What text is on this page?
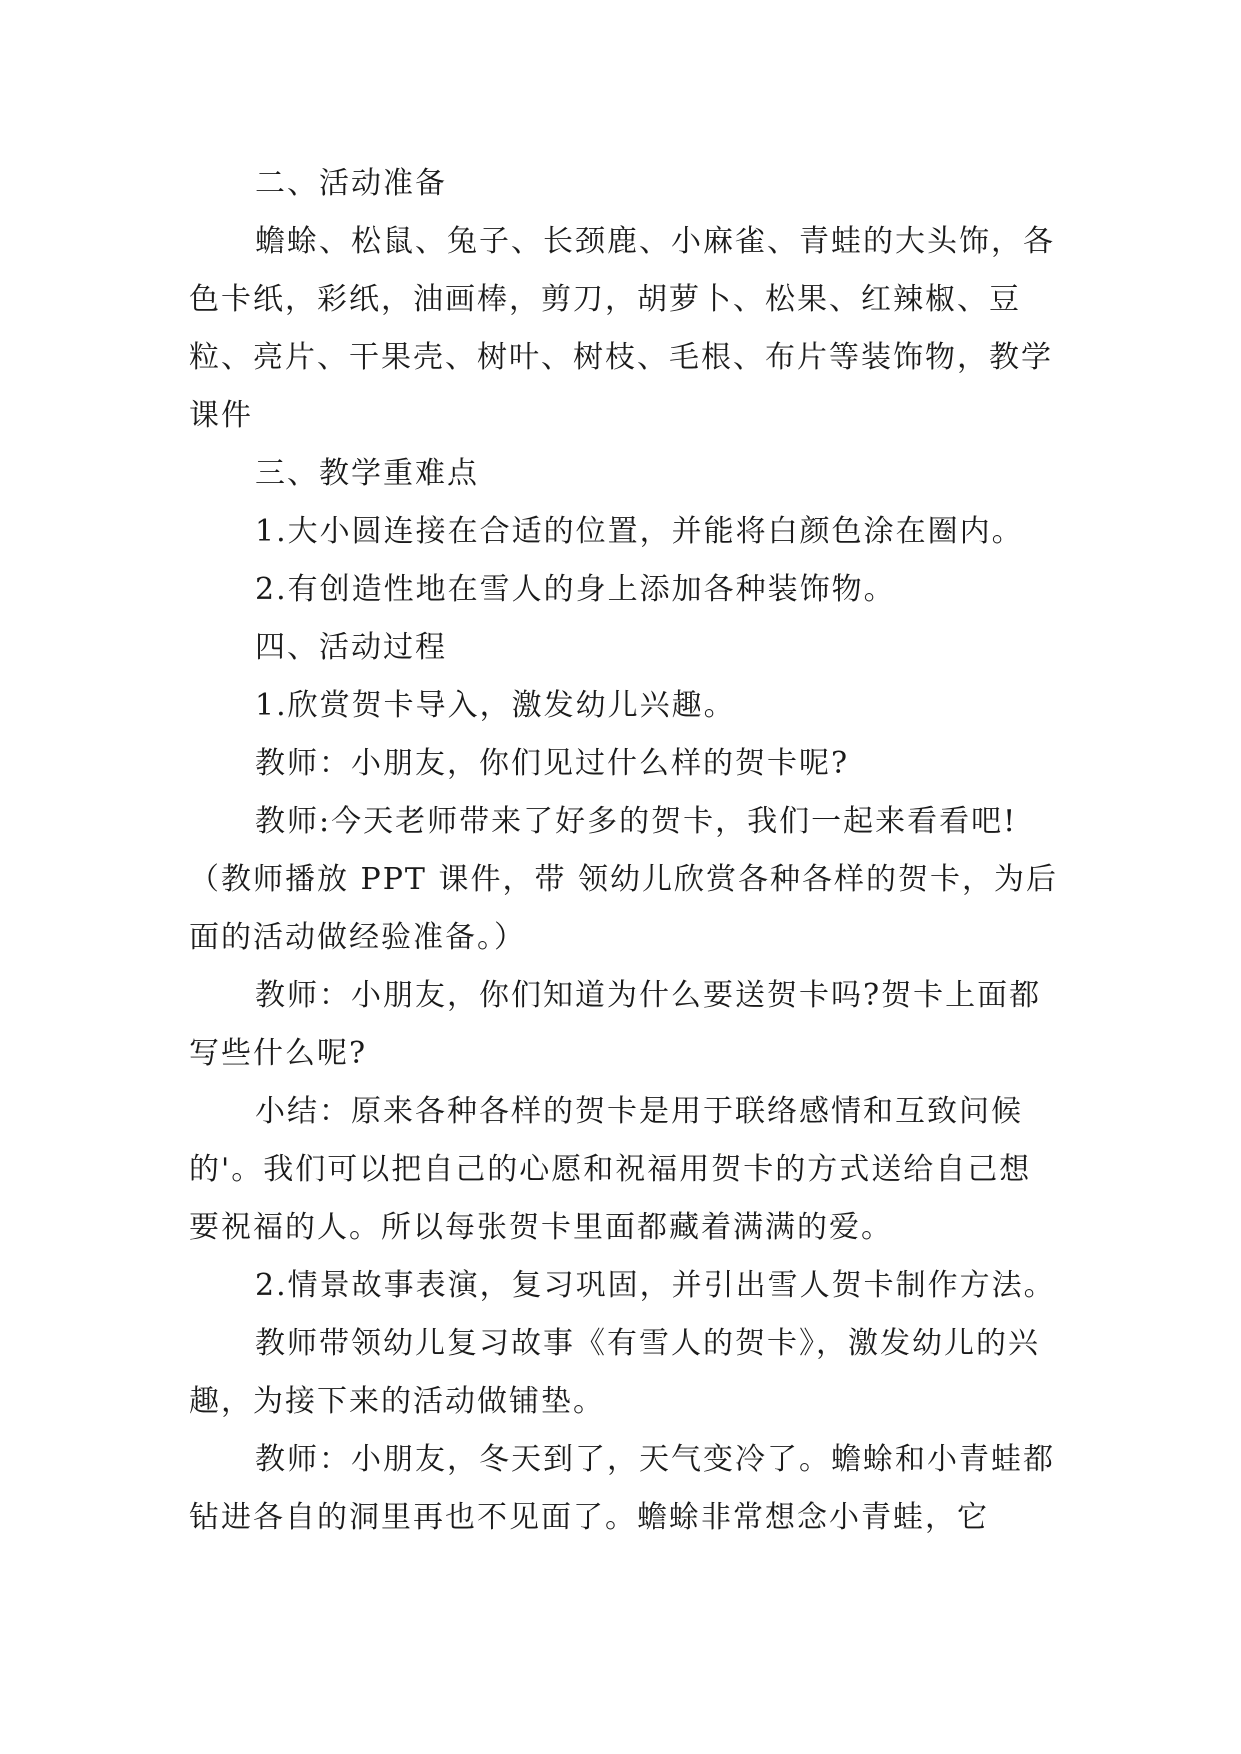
二、活动准备

蟾蜍、松鼠、兔子、长颈鹿、小麻雀、青蛙的大头饰，各色卡纸，彩纸，油画棒，剪刀，胡萝卜、松果、红辣椒、豆粒、亮片、干果壳、树叶、树枝、毛根、布片等装饰物，教学课件

三、教学重难点

1.大小圆连接在合适的位置，并能将白颜色涂在圈内。

2.有创造性地在雪人的身上添加各种装饰物。

四、活动过程

1.欣赏贺卡导入，激发幼儿兴趣。

教师：小朋友，你们见过什么样的贺卡呢?

教师:今天老师带来了好多的贺卡，我们一起来看看吧!

（教师播放 PPT 课件，带 领幼儿欣赏各种各样的贺卡，为后面的活动做经验准备。）

教师：小朋友，你们知道为什么要送贺卡吗?贺卡上面都写些什么呢?

小结：原来各种各样的贺卡是用于联络感情和互致问候的'。我们可以把自己的心愿和祝福用贺卡的方式送给自己想要祝福的人。所以每张贺卡里面都藏着满满的爱。

2.情景故事表演，复习巩固，并引出雪人贺卡制作方法。

教师带领幼儿复习故事《有雪人的贺卡》，激发幼儿的兴趣，为接下来的活动做铺垫。

教师：小朋友，冬天到了，天气变冷了。蟾蜍和小青蛙都钻进各自的洞里再也不见面了。蟾蜍非常想念小青蛙，它
